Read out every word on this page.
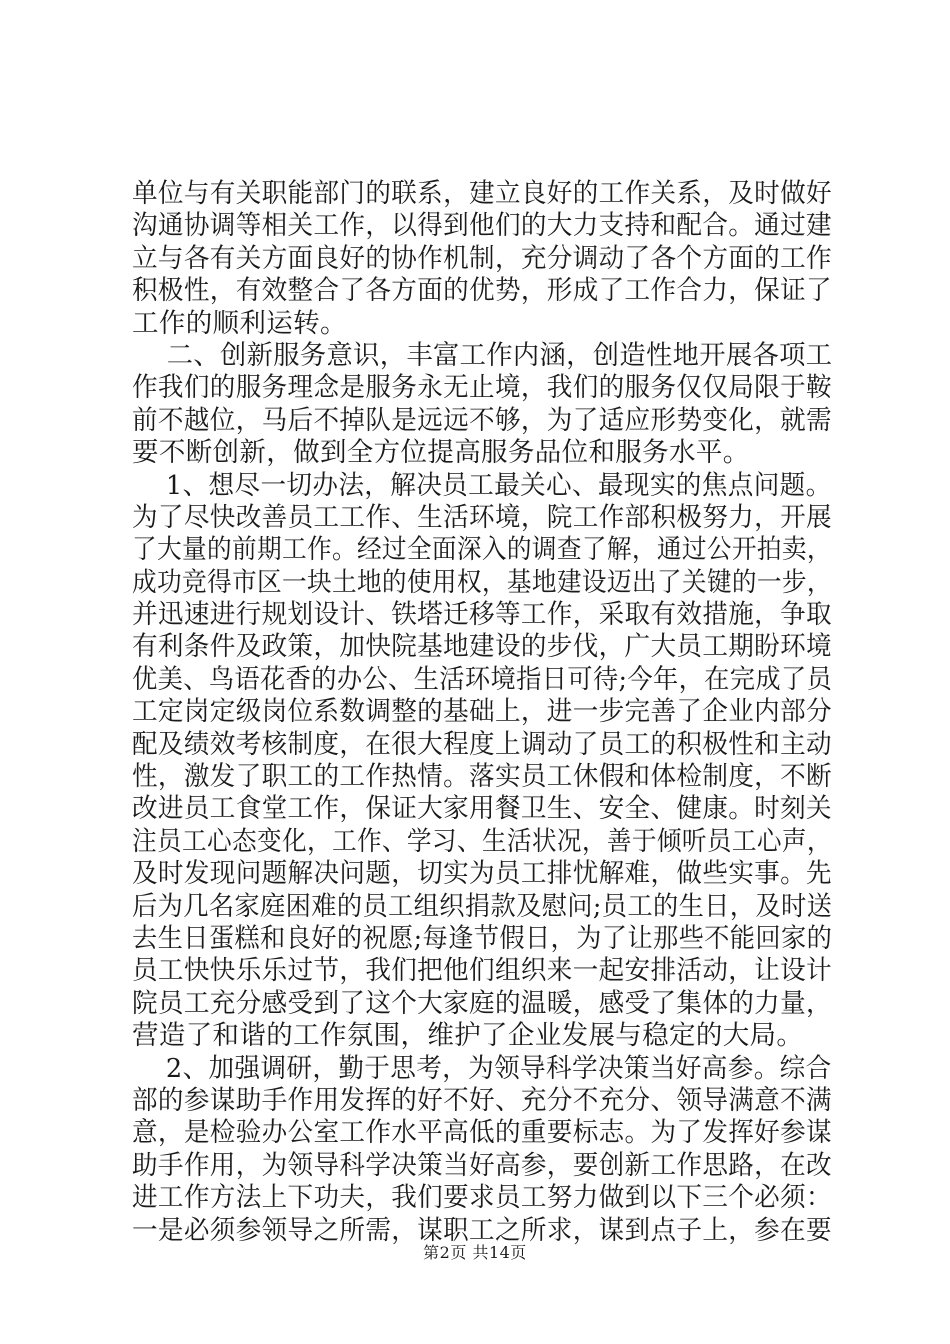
单位与有关职能部门的联系，建立良好的工作关系，及时做好
沟通协调等相关工作，以得到他们的大力支持和配合。通过建
立与各有关方面良好的协作机制，充分调动了各个方面的工作
积极性，有效整合了各方面的优势，形成了工作合力，保证了
工作的顺利运转。
二、创新服务意识，丰富工作内涵，创造性地开展各项工
作我们的服务理念是服务永无止境，我们的服务仅仅局限于鞍
前不越位，马后不掉队是远远不够，为了适应形势变化，就需
要不断创新，做到全方位提高服务品位和服务水平。
1、想尽一切办法，解决员工最关心、最现实的焦点问题。
为了尽快改善员工工作、生活环境，院工作部积极努力，开展
了大量的前期工作。经过全面深入的调查了解，通过公开拍卖，
成功竞得市区一块土地的使用权，基地建设迈出了关键的一步，
并迅速进行规划设计、铁塔迁移等工作，采取有效措施，争取
有利条件及政策，加快院基地建设的步伐，广大员工期盼环境
优美、鸟语花香的办公、生活环境指日可待;今年，在完成了员
工定岗定级岗位系数调整的基础上，进一步完善了企业内部分
配及绩效考核制度，在很大程度上调动了员工的积极性和主动
性，激发了职工的工作热情。落实员工休假和体检制度，不断
改进员工食堂工作，保证大家用餐卫生、安全、健康。时刻关
注员工心态变化，工作、学习、生活状况，善于倾听员工心声，
及时发现问题解决问题，切实为员工排忧解难，做些实事。先
后为几名家庭困难的员工组织捐款及慰问;员工的生日，及时送
去生日蛋糕和良好的祝愿;每逢节假日，为了让那些不能回家的
员工快快乐乐过节，我们把他们组织来一起安排活动，让设计
院员工充分感受到了这个大家庭的温暖，感受了集体的力量，
营造了和谐的工作氛围，维护了企业发展与稳定的大局。
2、加强调研，勤于思考，为领导科学决策当好高参。综合
部的参谋助手作用发挥的好不好、充分不充分、领导满意不满
意，是检验办公室工作水平高低的重要标志。为了发挥好参谋
助手作用，为领导科学决策当好高参，要创新工作思路，在改
进工作方法上下功夫，我们要求员工努力做到以下三个必须：
一是必须参领导之所需，谋职工之所求，谋到点子上，参在要
第2页 共14页
